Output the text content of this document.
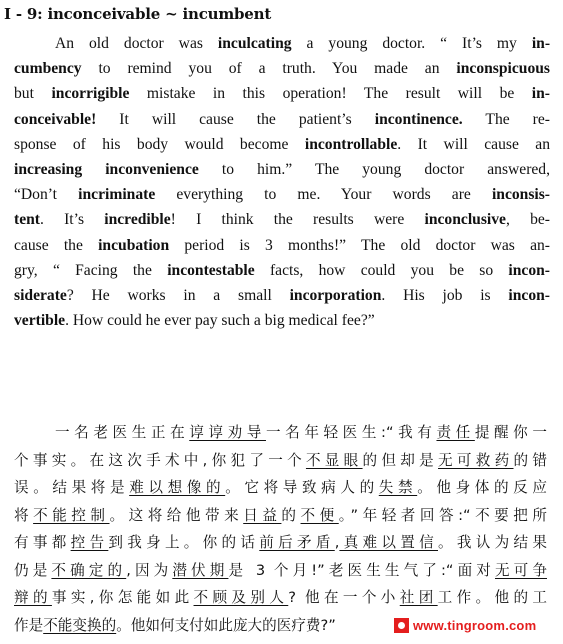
I - 9: inconceivable ~ incumbent
An old doctor was inculcating a young doctor. “ It’s my in-
cumbency to remind you of a truth. You made an inconspicuous
but incorrigible mistake in this operation! The result will be in-
conceivable! It will cause the patient’s incontinence. The re-
sponse of his body would become incontrollable. It will cause an
increasing inconvenience to him.” The young doctor answered,
“Don’t incriminate everything to me. Your words are inconsis-
tent. It’s incredible! I think the results were inconclusive, be-
cause the incubation period is 3 months!” The old doctor was an-
gry, “ Facing the incontestable facts, how could you be so incon-
siderate? He works in a small incorporation. His job is incon-
vertible. How could he ever pay such a big medical fee?”
一名老医生正在谆谆劝导一名年轻医生:“我有责任提醒你一
个事实。在这次手术中,你犯了一个不显眼的但却是无可救药的错
误。结果将是难以想像的。它将导致病人的失禁。他身体的反应
将不能控制。这将给他带来日益的不便。”年轻者回答:“不要把所
有事都控告到我身上。你的话前后矛盾,真难以置信。我认为结果
仍是不确定的,因为潜伏期是 3 个月!”老医生生气了:“面对无可争
辩的事实,你怎能如此不顾及别人? 他在一个小社团工作。他的工
作是不能变换的。他如何支付如此庞大的医疗费?”	www.tingroom.com
